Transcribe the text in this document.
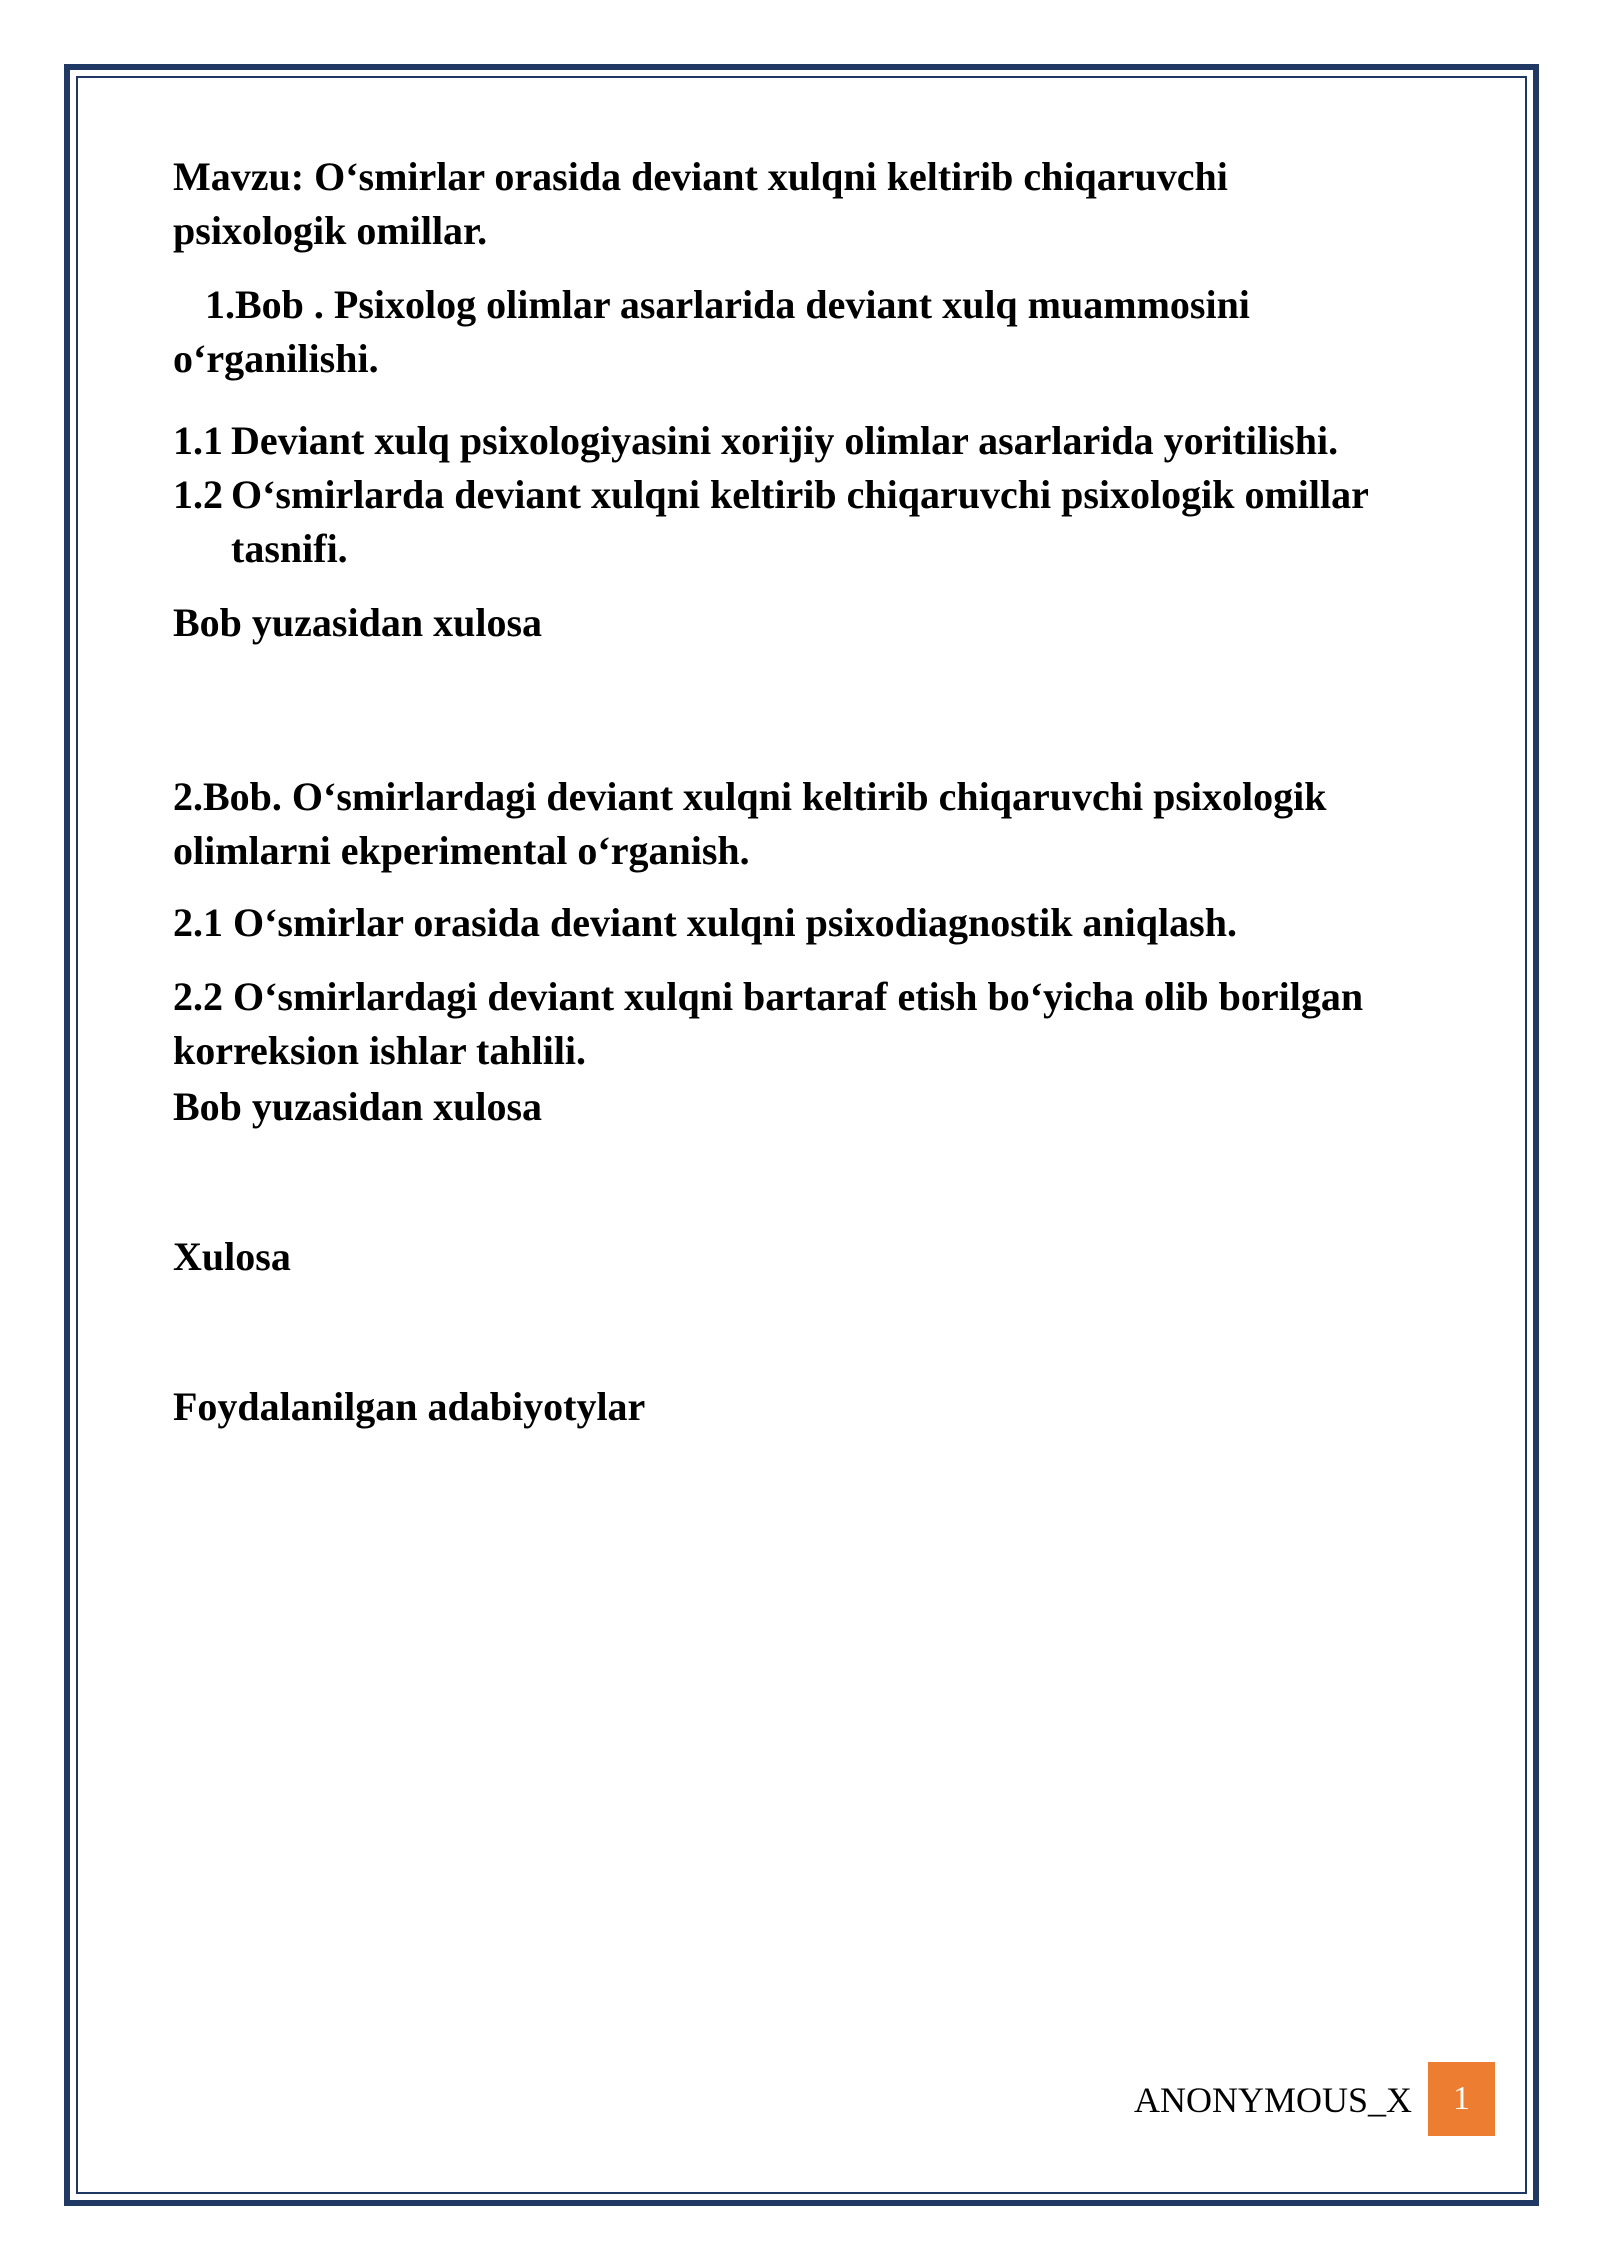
Mavzu: O‘smirlar orasida deviant xulqni keltirib chiqaruvchi

psixologik omillar.

1.Bob . Psixolog olimlar asarlarida deviant xulq muammosini

o‘rganilishi.

1.1 Deviant xulq psixologiyasini xorijiy olimlar asarlarida yoritilishi.

1.2 O‘smirlarda deviant xulqni keltirib chiqaruvchi psixologik omillar

tasnifi.

Bob yuzasidan xulosa

2.Bob. O‘smirlardagi deviant xulqni keltirib chiqaruvchi psixologik

olimlarni ekperimental o‘rganish.

2.1 O‘smirlar orasida deviant xulqni psixodiagnostik aniqlash.

2.2 O‘smirlardagi deviant xulqni bartaraf etish bo‘yicha olib borilgan

korreksion ishlar tahlili.

Bob yuzasidan xulosa

Xulosa

Foydalanilgan adabiyotylar

ANONYMOUS_X	1
